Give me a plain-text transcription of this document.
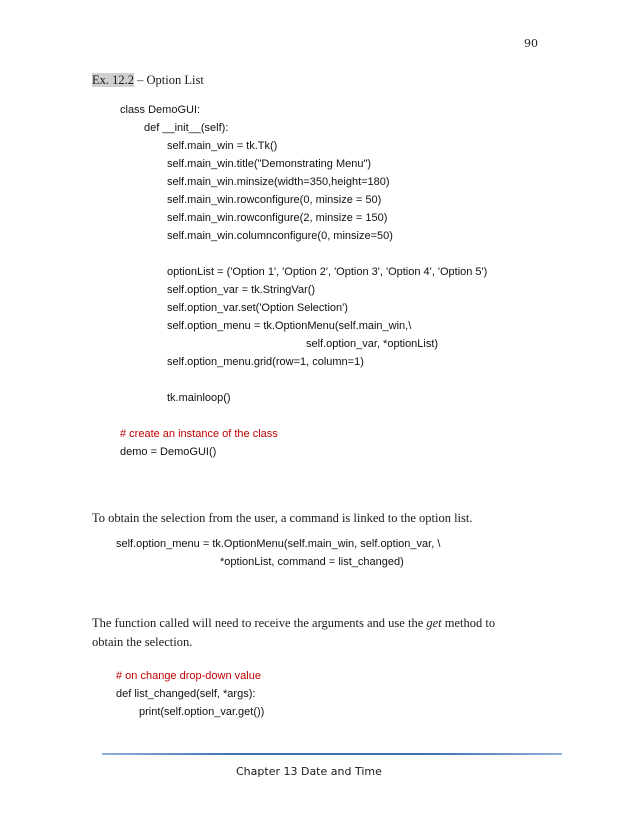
90
Ex. 12.2 – Option List
class DemoGUI:
def __init__(self):
self.main_win = tk.Tk()
self.main_win.title("Demonstrating Menu")
self.main_win.minsize(width=350,height=180)
self.main_win.rowconfigure(0, minsize = 50)
self.main_win.rowconfigure(2, minsize = 150)
self.main_win.columnconfigure(0, minsize=50)
optionList = ('Option 1', 'Option 2', 'Option 3', 'Option 4', 'Option 5')
self.option_var = tk.StringVar()
self.option_var.set('Option Selection')
self.option_menu = tk.OptionMenu(self.main_win,\
self.option_var, *optionList)
self.option_menu.grid(row=1, column=1)
tk.mainloop()
# create an instance of the class
demo = DemoGUI()

To obtain the selection from the user, a command is linked to the option list.

self.option_menu = tk.OptionMenu(self.main_win, self.option_var, \
*optionList, command = list_changed)

The function called will need to receive the arguments and use the get method to obtain the selection.

# on change drop-down value
def list_changed(self, *args):
print(self.option_var.get())
Chapter 13 Date and Time
